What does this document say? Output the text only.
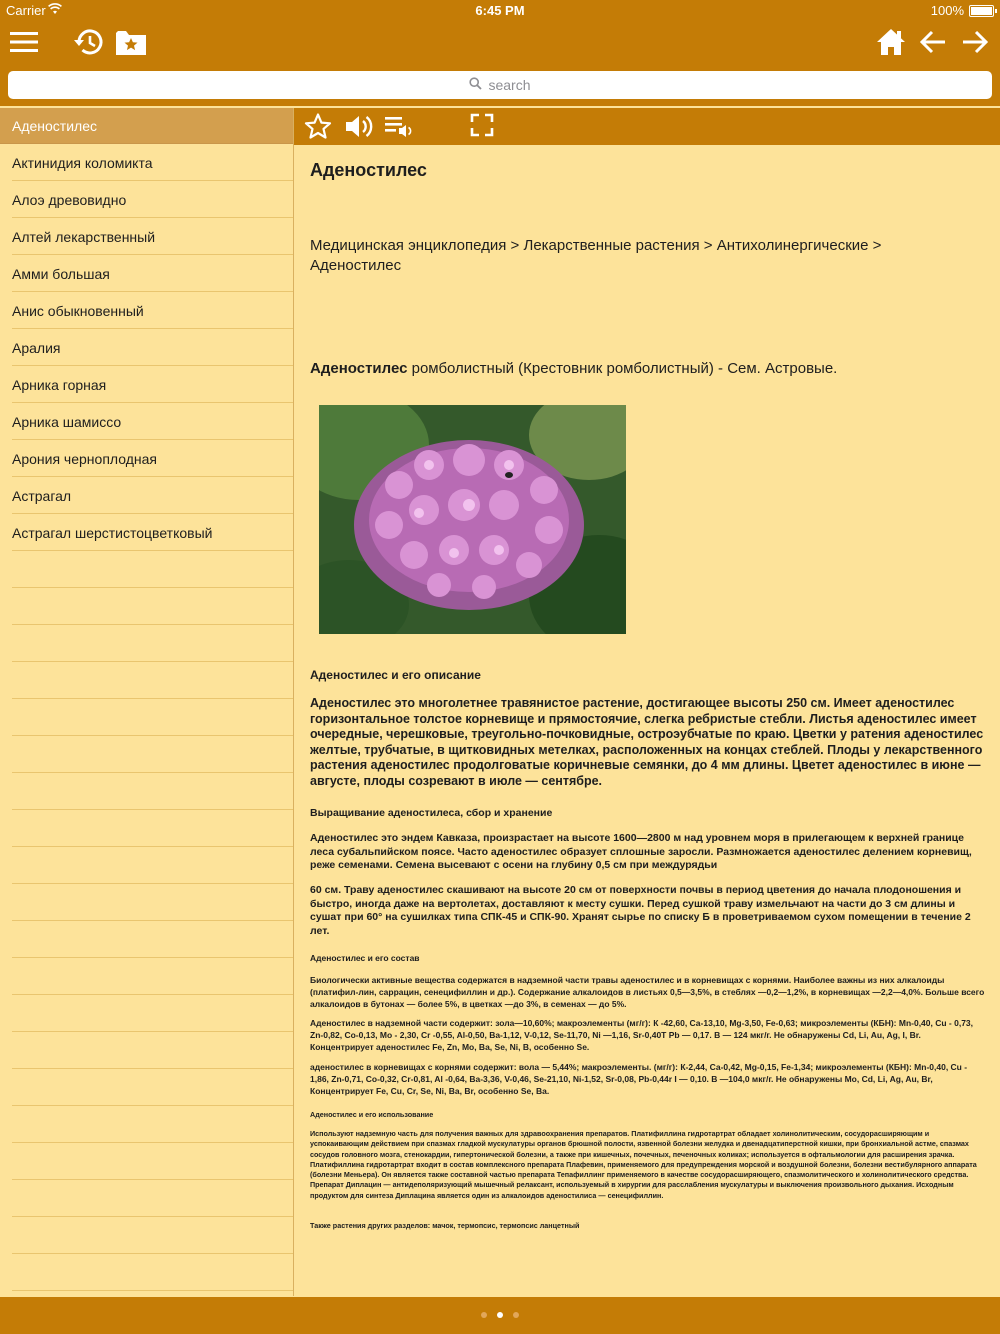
Carrier	6:45 PM	100%
search
Аденостилес
Актинидия коломикта
Алоэ древовидно
Алтей лекарственный
Амми большая
Анис обыкновенный
Аралия
Арника горная
Арника шамиссо
Арония черноплодная
Астрагал
Астрагал шерстистоцветковый
Аденостилес
Медицинская энциклопедия > Лекарственные растения > Антихолинергические > Аденостилес
Аденостилес ромболистный (Крестовник ромболистный) - Сем. Астровые.
Аденостилес и его описание
Аденостилес это многолетнее травянистое растение, достигающее высоты 250 см. Имеет аденостилес горизонтальное толстое корневище и прямостоячие, слегка ребристые стебли. Листья аденостилес имеет очередные, черешковые, треугольно-почковидные, остроэубчатые по краю. Цветки у ратения аденостилес желтые, трубчатые, в щитковидных метелках, расположенных на концах стеблей. Плоды у лекарственного растения аденостилес продолговатые коричневые семянки, до 4 мм длины. Цветет аденостилес в июне — августе, плоды созревают в июле — сентябре.
Выращивание аденостилеса, сбор и хранение
Аденостилес это эндем Кавказа, произрастает на высоте 1600—2800 м над уровнем моря в прилегающем к верхней границе леса субальпийском поясе. Часто аденостилес образует сплошные заросли. Размножается аденостилес делением корневищ, реже семенами. Семена высевают с осени на глубину 0,5 см при междурядьи
60 см. Траву аденостилес скашивают на высоте 20 см от поверхности почвы в период цветения до начала плодоношения и быстро, иногда даже на вертолетах, доставляют к месту сушки. Перед сушкой траву измельчают на части до 3 см длины и сушат при 60° на сушилках типа СПК-45 и СПК-90. Хранят сырье по списку Б в проветриваемом сухом помещении в течение 2 лет.
Аденостилес и его состав
Биологически активные вещества содержатся в надземной части травы аденостилес и в корневищах с корнями. Наиболее важны из них алкалоиды (платифил-лин, саррацин, сенецифиллин и др.). Содержание алкалоидов в листьях 0,5—3,5%, в стеблях —0,2—1,2%, в корневищах —2,2—4,0%. Больше всего алкалоидов в бутонах — более 5%, в цветках —до 3%, в семенах — до 5%.
Аденостилес в надземной части содержит: зола—10,60%; макроэлементы (мг/г): К -42,60, Са-13,10, Mg-3,50, Fe-0,63; микроэлементы (КБН): Mn-0,40, Cu - 0,73, Zn-0,82, Co-0,13, Mo - 2,30, Cr -0,55, Al-0,50, Ba-1,12, V-0,12, Se-11,70, Ni —1,16, Sr-0,40Т Pb — 0,17. В — 124 мкг/г. Не обнаружены Cd, Li, Au, Ag, I, Br. Концентрирует аденостилес Fe, Zn, Mo, Ba, Se, Ni, B, особенно Se.
аденостилес в корневищах с корнями содержит: вола — 5,44%; макроэлементы. (мг/г): К-2,44, Са-0,42, Mg-0,15, Fe-1,34; микроэлементы (КБН): Mn-0,40, Cu - 1,86, Zn-0,71, Co-0,32, Cr-0,81, Al -0,64, Ba-3,36, V-0,46, Se-21,10, Ni-1,52, Sr-0,08, Pb-0,44r I — 0,10. В —104,0 мкг/г. Не обнаружены Mo, Cd, Li, Ag, Au, Br, Концентрирует Fe, Cu, Cr, Se, Ni, Ba, Br, особенно Se, Ba.
Аденостилес и его использование
Используют надземную часть для получения важных для здравоохранения препаратов. Платифиллина гидротартрат обладает холинолитическим, сосудорасширяющим и успокаивающим действием при спазмах гладкой мускулатуры органов брюшной полости, язвенной болезни желудка и двенадцатиперстной кишки, при бронхиальной астме, спазмах сосудов головного мозга, стенокардии, гипертонической болезни, а также при кишечных, почечных, печеночных коликах; используется в офтальмологии для расширения зрачка. Платифиллина гидротартрат входит в состав комплексного препарата Плафевин, применяемого для предупреждения морской и воздушной болезни, болезни вестибулярного аппарата (болезни Меньера). Он является также составной частью препарата Тепафиллинг применяемого в качестве сосудорасширяющего, спазмолитического и холинолитического средства. Препарат Диплацин — антидеполяризующий мышечный релаксант, используемый в хирургии для расслабления мускулатуры и выключения произвольного дыхания. Исходным продуктом для синтеза Диплацина является один из алкалоидов аденостилиса — сенецифиллин.
Также растения других разделов: мачок, термопсис, термопсис ланцетный
